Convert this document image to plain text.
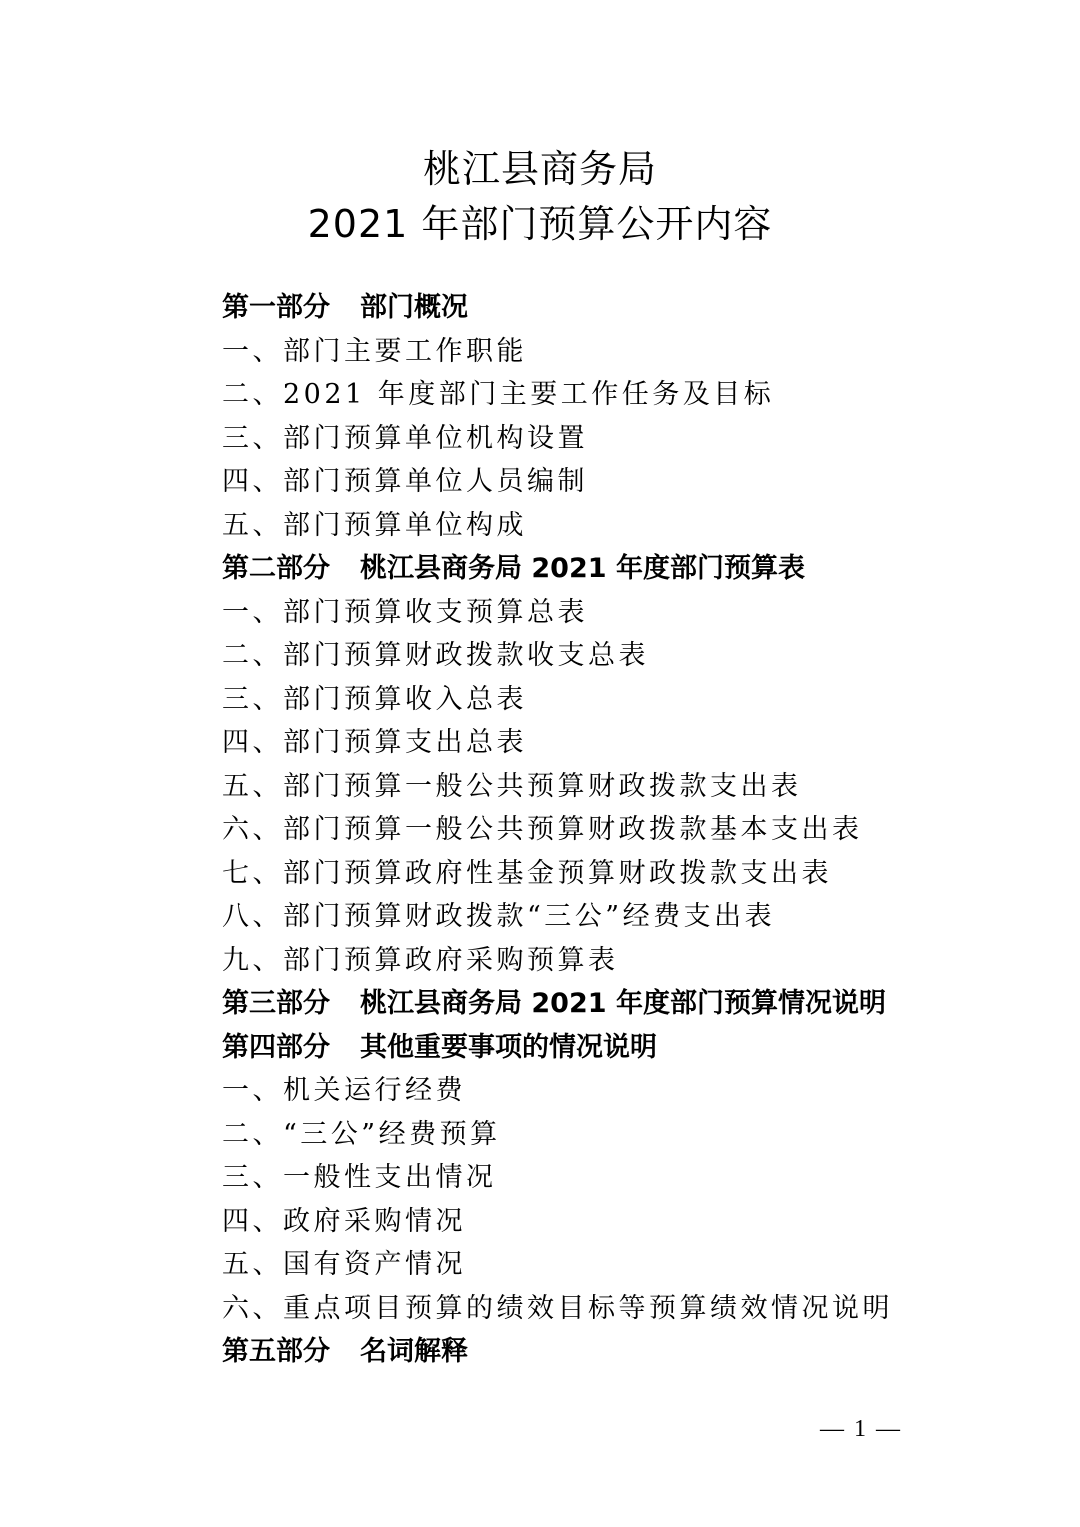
桃江县商务局
2021 年部门预算公开内容
第一部分 部门概况
一、部门主要工作职能
二、2021 年度部门主要工作任务及目标
三、部门预算单位机构设置
四、部门预算单位人员编制
五、部门预算单位构成
第二部分 桃江县商务局 2021 年度部门预算表
一、部门预算收支预算总表
二、部门预算财政拨款收支总表
三、部门预算收入总表
四、部门预算支出总表
五、部门预算一般公共预算财政拨款支出表
六、部门预算一般公共预算财政拨款基本支出表
七、部门预算政府性基金预算财政拨款支出表
八、部门预算财政拨款“三公”经费支出表
九、部门预算政府采购预算表
第三部分 桃江县商务局 2021 年度部门预算情况说明
第四部分 其他重要事项的情况说明
一、机关运行经费
二、“三公”经费预算
三、一般性支出情况
四、政府采购情况
五、国有资产情况
六、重点项目预算的绩效目标等预算绩效情况说明
第五部分 名词解释
— 1 —
